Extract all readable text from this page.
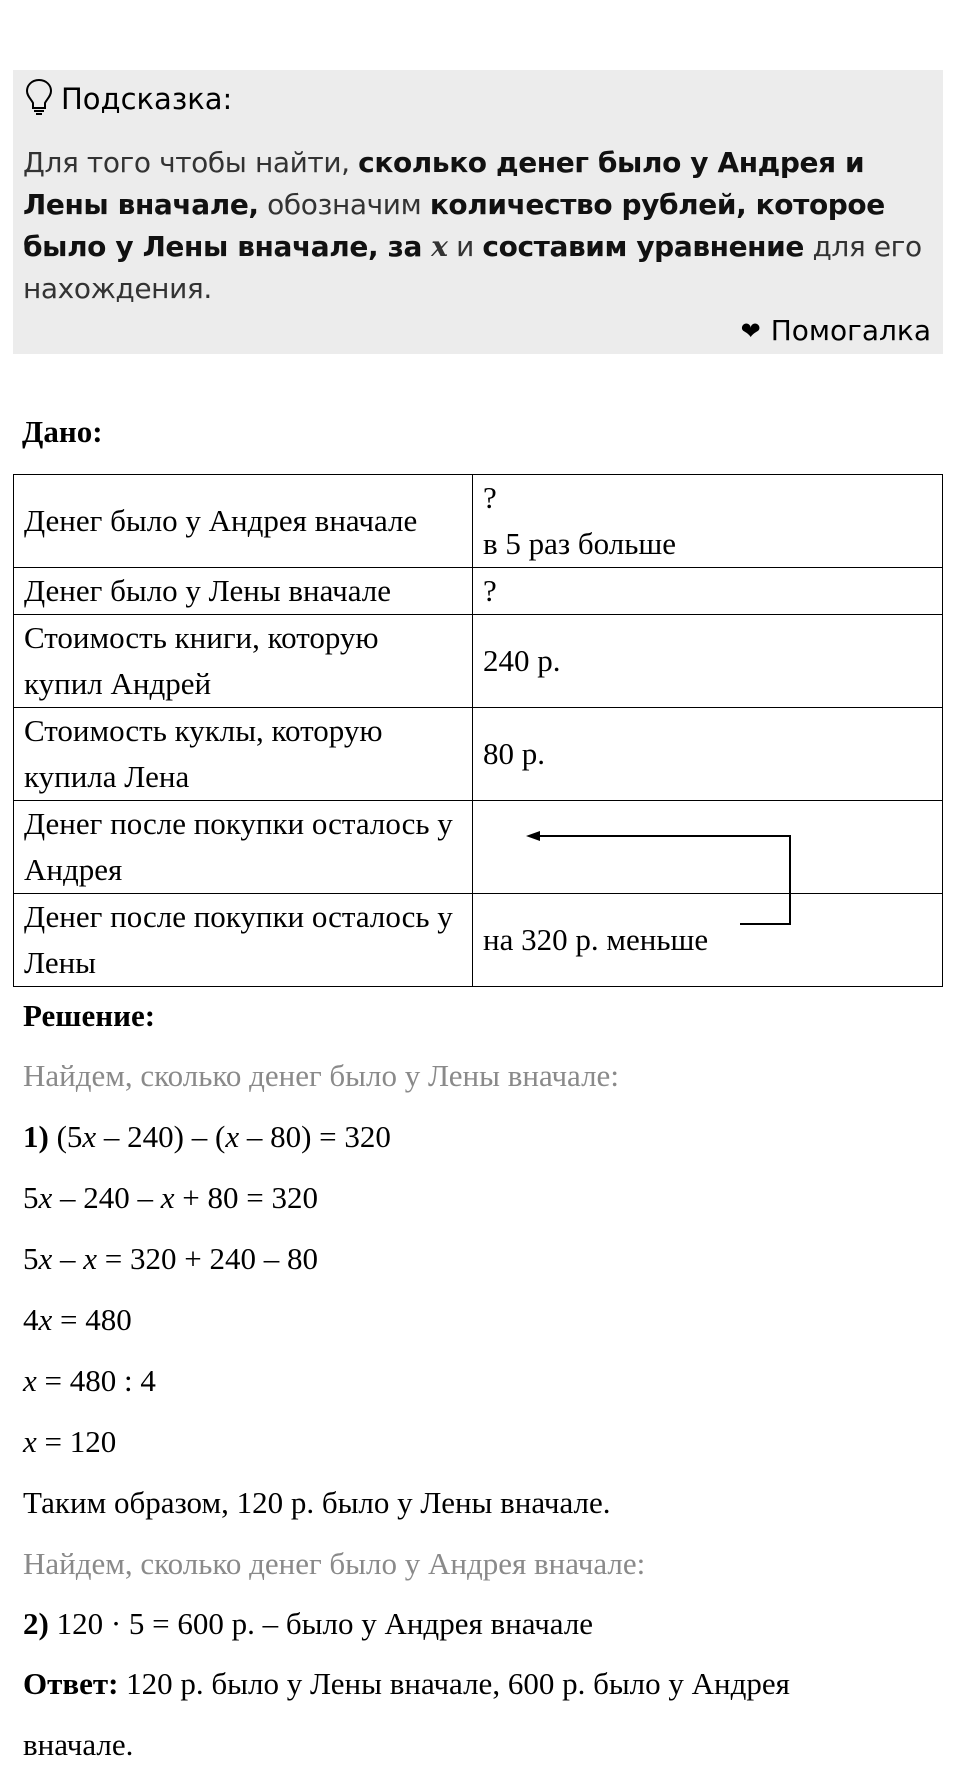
Подсказка:
Для того чтобы найти, сколько денег было у Андрея и Лены вначале, обозначим количество рублей, которое было у Лены вначале, за x и составим уравнение для его нахождения.
❤ Помогалка
Дано:
Денег было у Андрея вначале	?
в 5 раз больше

Денег было у Лены вначале	?
Стоимость книги, которую купил Андрей	240 р.
Стоимость куклы, которую купила Лена	80 р.
Денег после покупки осталось у Андрея	
Денег после покупки осталось у Лены	на 320 р. меньше
Решение:
Найдем, сколько денег было у Лены вначале:
1) (5x – 240) – (x – 80) = 320
5x – 240 – x + 80 = 320
5x – x = 320 + 240 – 80
4x = 480
x = 480 : 4
x = 120
Таким образом, 120 р. было у Лены вначале.
Найдем, сколько денег было у Андрея вначале:
2) 120 · 5 = 600 р. – было у Андрея вначале
Ответ: 120 р. было у Лены вначале, 600 р. было у Андрея
вначале.
